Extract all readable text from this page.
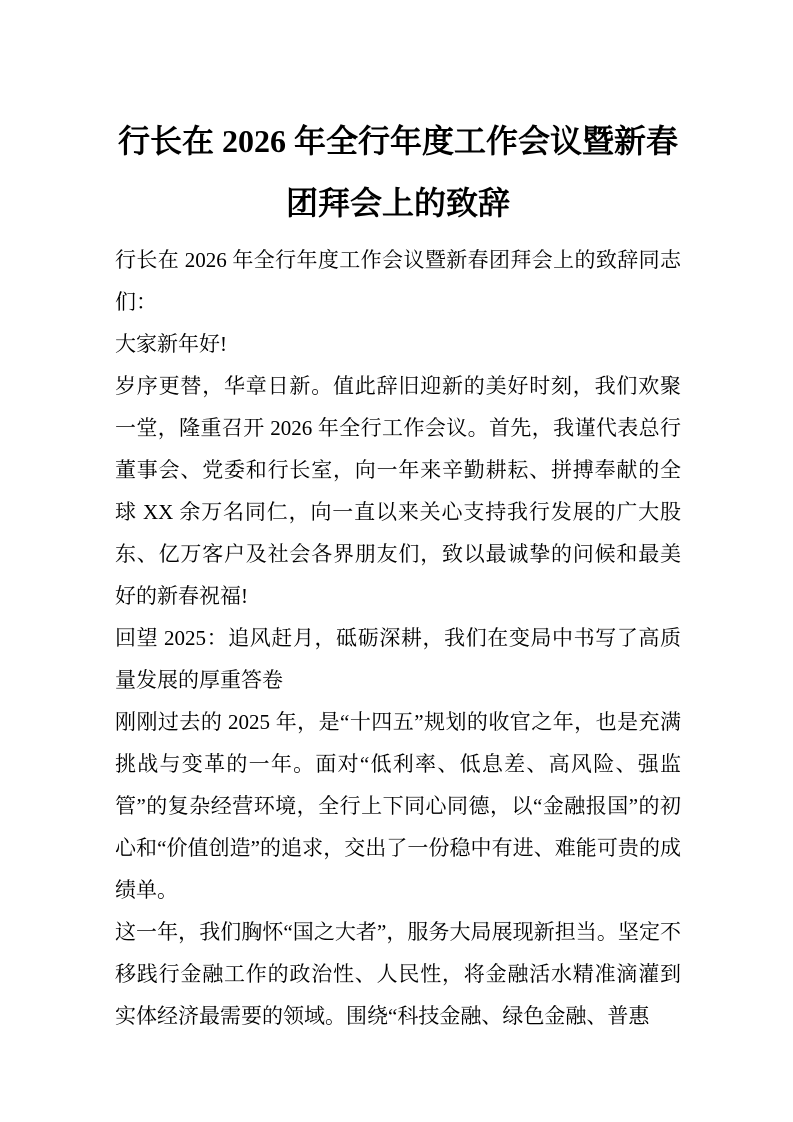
行长在 2026 年全行年度工作会议暨新春团拜会上的致辞

行长在 2026 年全行年度工作会议暨新春团拜会上的致辞同志们：

大家新年好!

岁序更替，华章日新。值此辞旧迎新的美好时刻，我们欢聚一堂，隆重召开 2026 年全行工作会议。首先，我谨代表总行董事会、党委和行长室，向一年来辛勤耕耘、拼搏奉献的全球 XX 余万名同仁，向一直以来关心支持我行发展的广大股东、亿万客户及社会各界朋友们，致以最诚挚的问候和最美好的新春祝福!

回望 2025：追风赶月，砥砺深耕，我们在变局中书写了高质量发展的厚重答卷

刚刚过去的 2025 年，是“十四五”规划的收官之年，也是充满挑战与变革的一年。面对“低利率、低息差、高风险、强监管”的复杂经营环境，全行上下同心同德，以“金融报国”的初心和“价值创造”的追求，交出了一份稳中有进、难能可贵的成绩单。

这一年，我们胸怀“国之大者”，服务大局展现新担当。坚定不移践行金融工作的政治性、人民性，将金融活水精准滴灌到实体经济最需要的领域。围绕“科技金融、绿色金融、普惠
